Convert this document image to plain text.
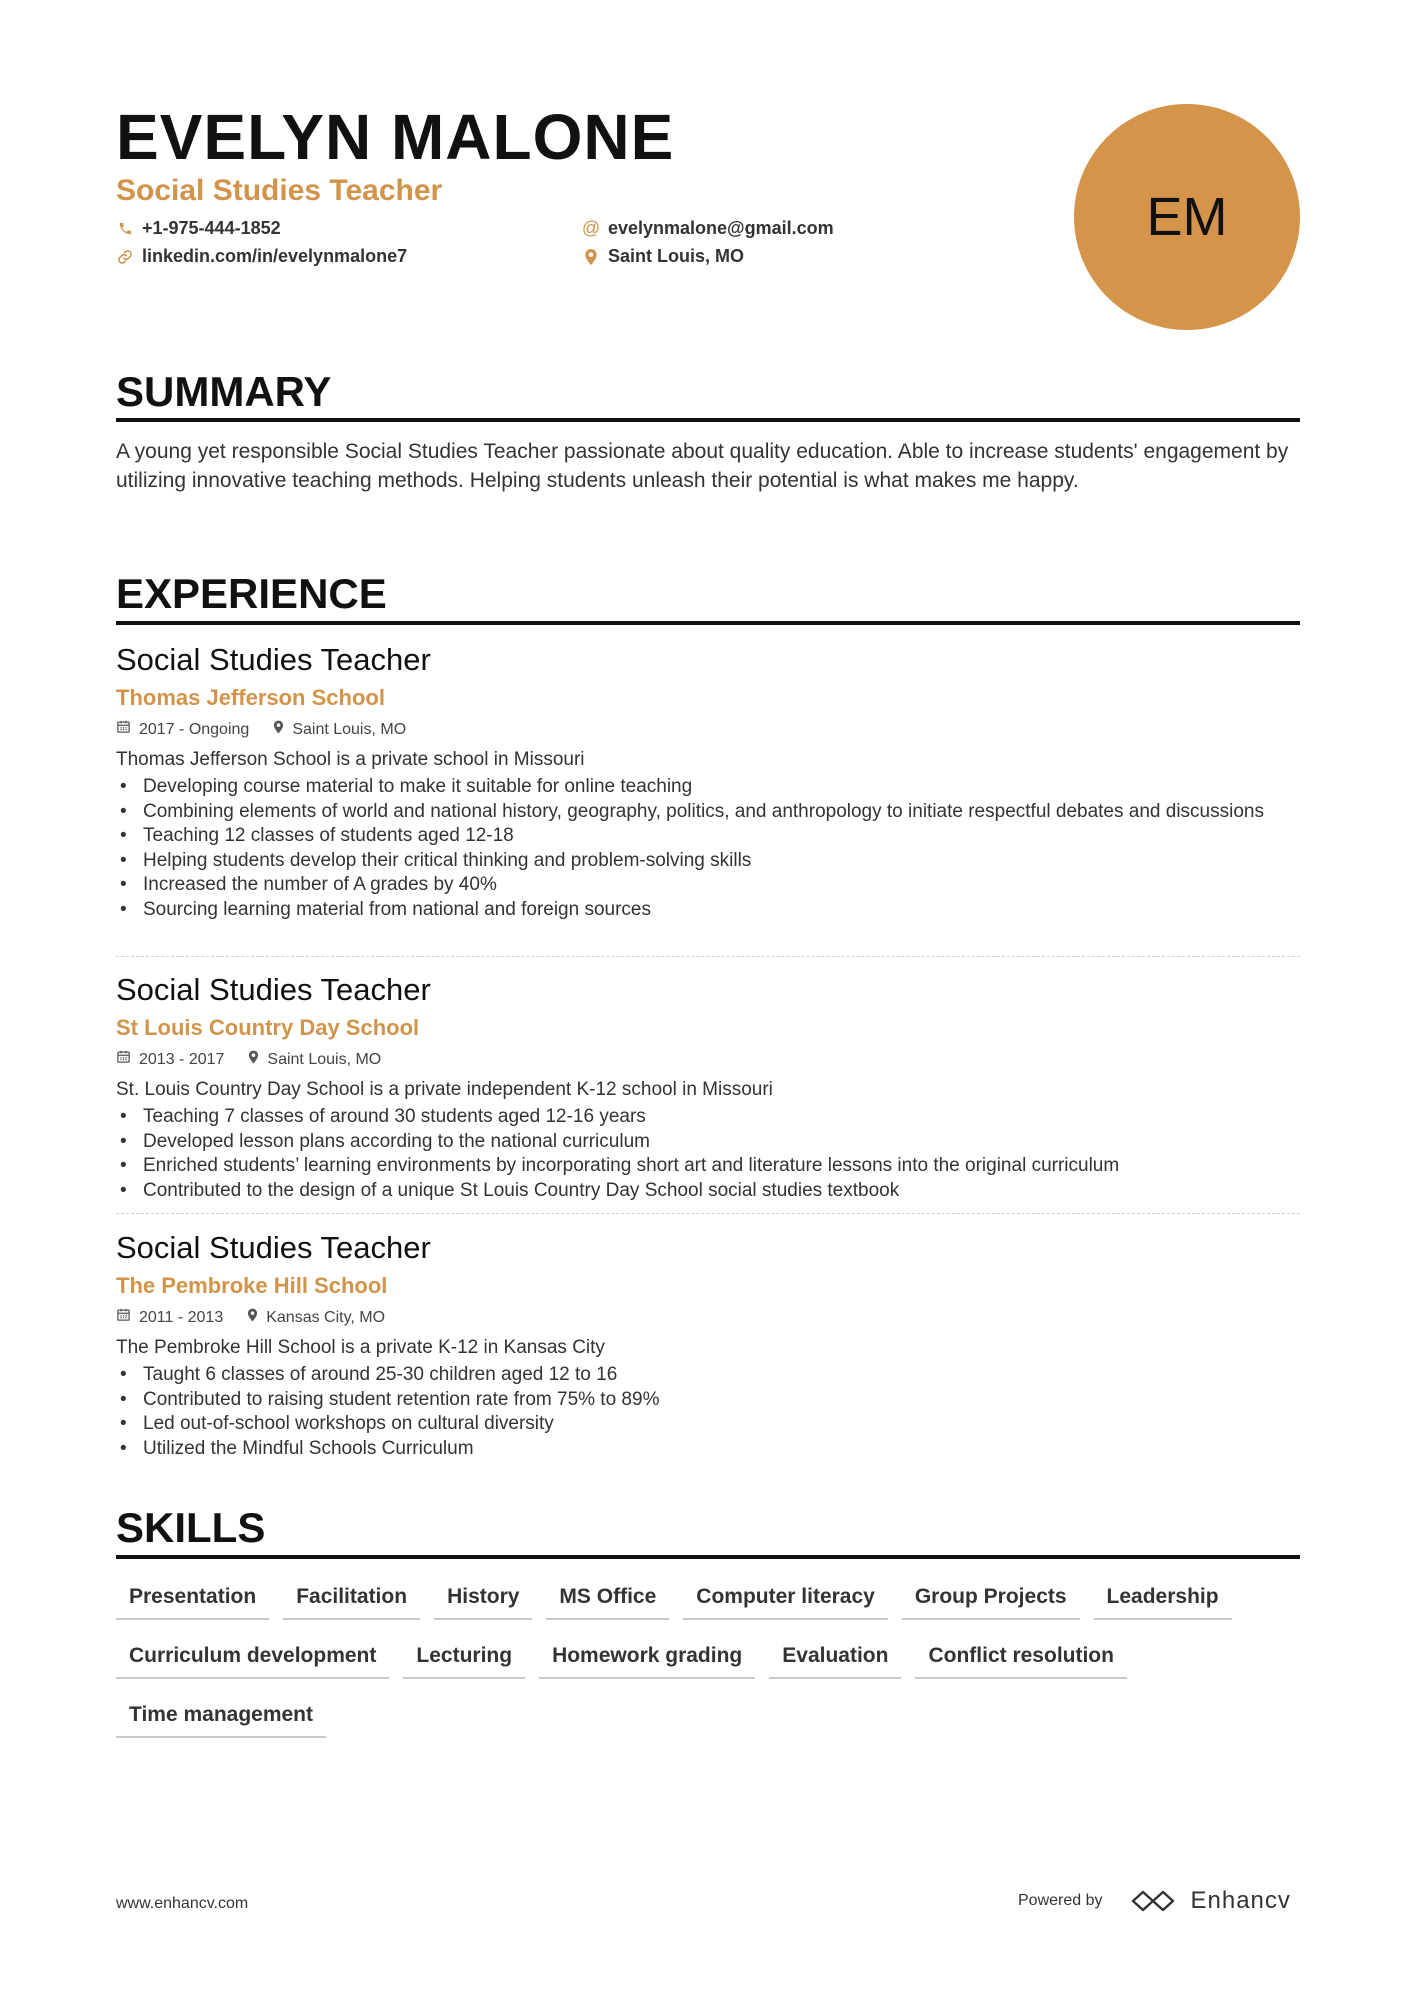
EVELYN MALONE
Social Studies Teacher
+1-975-444-1852
linkedin.com/in/evelynmalone7
@ evelynmalone@gmail.com
Saint Louis, MO
EM
SUMMARY
A young yet responsible Social Studies Teacher passionate about quality education. Able to increase students' engagement by utilizing innovative teaching methods. Helping students unleash their potential is what makes me happy.
EXPERIENCE
Social Studies Teacher
Thomas Jefferson School
2017 - Ongoing	Saint Louis, MO
Thomas Jefferson School is a private school in Missouri
• Developing course material to make it suitable for online teaching
• Combining elements of world and national history, geography, politics, and anthropology to initiate respectful debates and discussions
• Teaching 12 classes of students aged 12-18
• Helping students develop their critical thinking and problem-solving skills
• Increased the number of A grades by 40%
• Sourcing learning material from national and foreign sources
Social Studies Teacher
St Louis Country Day School
2013 - 2017	Saint Louis, MO
St. Louis Country Day School is a private independent K-12 school in Missouri
• Teaching 7 classes of around 30 students aged 12-16 years
• Developed lesson plans according to the national curriculum
• Enriched students’ learning environments by incorporating short art and literature lessons into the original curriculum
• Contributed to the design of a unique St Louis Country Day School social studies textbook
Social Studies Teacher
The Pembroke Hill School
2011 - 2013	Kansas City, MO
The Pembroke Hill School is a private K-12 in Kansas City
• Taught 6 classes of around 25-30 children aged 12 to 16
• Contributed to raising student retention rate from 75% to 89%
• Led out-of-school workshops on cultural diversity
• Utilized the Mindful Schools Curriculum
SKILLS
Presentation	Facilitation	History	MS Office	Computer literacy	Group Projects	Leadership
Curriculum development	Lecturing	Homework grading	Evaluation	Conflict resolution
Time management
www.enhancv.com	Powered by	Enhancv
